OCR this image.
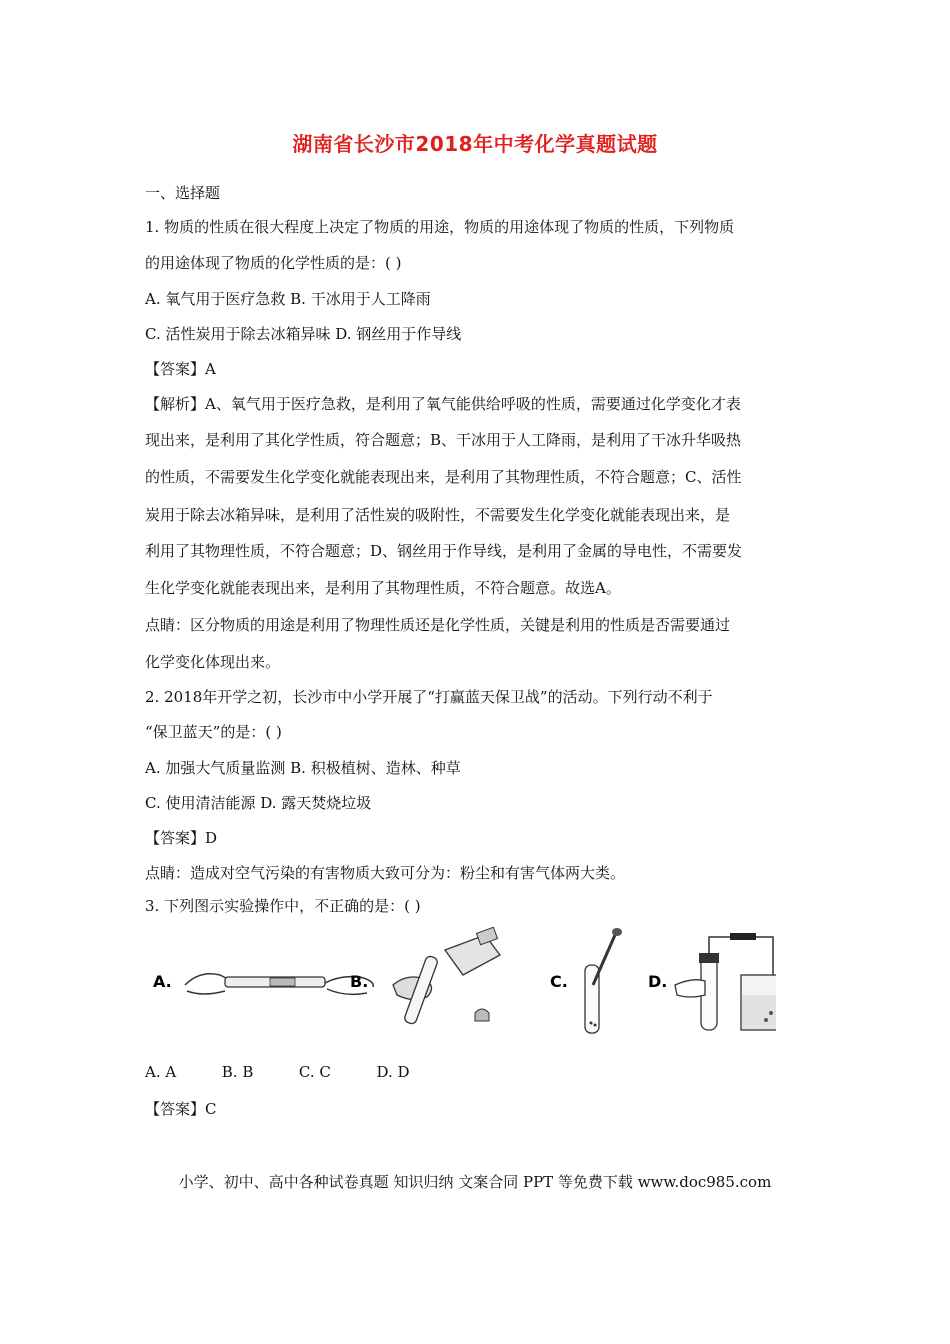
湖南省长沙市2018年中考化学真题试题
一、选择题
1. 物质的性质在很大程度上决定了物质的用途，物质的用途体现了物质的性质，下列物质
的用途体现了物质的化学性质的是：( )
A. 氧气用于医疗急救 B. 干冰用于人工降雨
C. 活性炭用于除去冰箱异味 D. 钢丝用于作导线
【答案】A
【解析】A、氧气用于医疗急救，是利用了氧气能供给呼吸的性质，需要通过化学变化才表
现出来，是利用了其化学性质，符合题意；B、干冰用于人工降雨，是利用了干冰升华吸热
的性质，不需要发生化学变化就能表现出来，是利用了其物理性质，不符合题意；C、活性
炭用于除去冰箱异味，是利用了活性炭的吸附性，不需要发生化学变化就能表现出来，是
利用了其物理性质，不符合题意；D、钢丝用于作导线，是利用了金属的导电性，不需要发
生化学变化就能表现出来，是利用了其物理性质，不符合题意。故选A。
点睛：区分物质的用途是利用了物理性质还是化学性质，关键是利用的性质是否需要通过
化学变化体现出来。
2. 2018年开学之初，长沙市中小学开展了“打赢蓝天保卫战”的活动。下列行动不利于
“保卫蓝天”的是：( )
A. 加强大气质量监测 B. 积极植树、造林、种草
C. 使用清洁能源 D. 露天焚烧垃圾
【答案】D
点睛：造成对空气污染的有害物质大致可分为：粉尘和有害气体两大类。
3. 下列图示实验操作中，不正确的是：( )
A.	B.	C.	D.
A. A	B. B	C. C	D. D
【答案】C
小学、初中、高中各种试卷真题 知识归纳 文案合同 PPT 等免费下载 www.doc985.com
